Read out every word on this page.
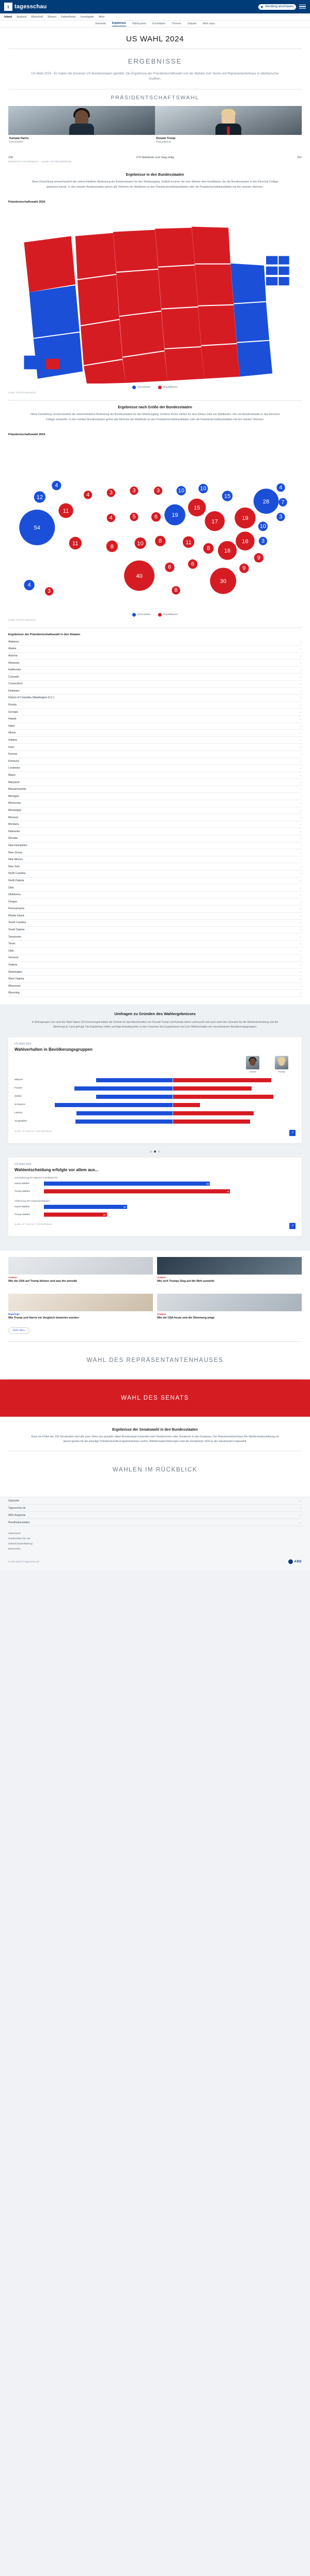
t tagesschau	▶ Sendung anschauen
Inland Ausland Wirtschaft Wissen Faktenfinder Investigativ Mehr
Startseite Ergebnisse Wahlsystem Kandidaten Themen Zeitplan Mehr dazu
US WAHL 2024
ERGEBNISSE
US-Wahl 2024 - Es haben die proximen US-Bundesstaaten gewählt. Die Ergebnisse der Präsidentschaftswahl und der Wahlen zum Senat und Repräsentantenhaus in tabellarischer Grafiken.
PRÄSIDENTSCHAFTSWAHL
Kamala Harris
Demokraten
Donald Trump
Republikaner
226	270 Wahlleute zum Sieg nötig	312
Mehrheit bei 270 Wahlleuten — Quelle: AP/ARD-Wahlstudio
Ergebnisse in den Bundesstaaten

Diese Darstellung veranschaulicht die unterschiedliche Bedeutung der Bundesstaaten für den Wahlausgang. Gefärbt ist jener der eine Stimme dem Kandidaten, der die Bundesstaaten in den Electoral College gewinnen konnte. In den meisten Bundesstaaten gehen alle Stimmen der Wahlleute an den Präsidentschaftskandidaten oder die Präsidentschaftskandidatin mit den meisten Stimmen.

Präsidentschaftswahl 2024
Demokraten	Republikaner
Quelle: AP/ARD-Wahlstudio
Ergebnisse nach Größe der Bundesstaaten

Diese Darstellung veranschaulicht die unterschiedliche Bedeutung der Bundesstaaten für den Wahlausgang. Größere Kreise stehen für eine höhere Zahl von Wahlleuten. Die von Bundesstaaten in das Electoral College entsandte. In den meisten Bundesstaaten gehen alle Stimmen der Wahlleute an den Präsidentschaftskandidaten oder die Präsidentschaftskandidatin mit den meisten Stimmen.

Präsidentschaftswahl 2024
54
40
30
28
19
19
17
16
16
15
11
11
8
10	8	11
8
6
6
6
5
4
4	3	3	3	10	10
15
12
4	4
7
3
10
3
9
9
8
4
3
Demokraten	Republikaner
Quelle: AP/ARD-Wahlstudio
Ergebnisse der Präsidentschaftswahl in den Staaten
Alabama	⌄
Alaska	⌄
Arizona	⌄
Arkansas	⌄
Kalifornien	⌄
Colorado	⌄
Connecticut	⌄
Delaware	⌄
District of Columbia (Washington D.C.)	⌄
Florida	⌄
Georgia	⌄
Hawaii	⌄
Idaho	⌄
Illinois	⌄
Indiana	⌄
Iowa	⌄
Kansas	⌄
Kentucky	⌄
Louisiana	⌄
Maine	⌄
Maryland	⌄
Massachusetts	⌄
Michigan	⌄
Minnesota	⌄
Mississippi	⌄
Missouri	⌄
Montana	⌄
Nebraska	⌄
Nevada	⌄
New Hampshire	⌄
New Jersey	⌄
New Mexico	⌄
New York	⌄
North Carolina	⌄
North Dakota	⌄
Ohio	⌄
Oklahoma	⌄
Oregon	⌄
Pennsylvania	⌄
Rhode Island	⌄
South Carolina	⌄
South Dakota	⌄
Tennessee	⌄
Texas	⌄
Utah	⌄
Vermont	⌄
Virginia	⌄
Washington	⌄
West Virginia	⌄
Wisconsin	⌄
Wyoming	⌄
Umfragen zu Gründen des Wahlergebnisses

In Befragungen von rund der Wahl haben US-Forschungsinstitute die Gründe für das Abschneiden von Donald Trump und Kamala Harris untersucht und auch nach den Gründen für die Wahlentscheidung und die Stimmung im Land gefragt. Die Ergebnisse helfen wichtige Anhaltspunkte zu den Ursachen des Ergebnisses und zum Wahlverhalten der verschiedenen Bevölkerungsgruppen.

US-Wahl 2024
Wahlverhalten in Bevölkerungsgruppen
Harris	Trump
Männer
42	55
Frauen
54	44
Weiße
42	56
Schwarze
83	15
Latinos
53	45
Jungwähler
54	43
Quelle: AP VoteCast / ARD-Wahlstudio
↗
US-Wahl 2024
Wahlentscheidung erfolgte vor allem aus...
Unterstützung für eigene/n Kandidaten/in
Harris-Wähler	66
Trump-Wähler	74
Ablehnung des Gegenkandidaten
Harris-Wähler	33
Trump-Wähler	25
Quelle: AP VoteCast / ARD-Wahlstudio
↗
Analyse
Wie die USA auf Trump blicken und was ihn antreibt
Analyse
Wie sich Trumps Sieg auf die Welt auswirkt
Reportage
Wie Trump und Harris ein Vergleich bewerten wurden
Analyse
Wie die USA heute und die Stimmung prägt
Mehr dazu
WAHL DES REPRÄSENTANTENHAUSES
WAHL DES SENATS
Ergebnisse der Senatswahl in den Bundesstaaten

Dass ein Drittel der 100 Senatssitze wird alle zwei Jahre neu gewählt; dabei Bundesstaat entsendet zwei Senatorinnen oder Senatoren in den Kongress. Der Repräsentantenhaus-Die Wahlkreisabschätzung ist darauf gewies für die jeweilige Präsidentschaft programmierbare vorher. Wahlkreisabschätzungen sind die Senatssitze 2024 in der Senatswahl vorgewählt.

WAHLEN IM RÜCKBLICK
Startseite	⌄
Tagesschau.de	⌄
ARD-Angebote	⌄
Rundfunkanstalten	⌄
Impressum
Sendezeiten für uns
Datenschutzerklärung
Barrierefrei
© ARD-aktuell / tagesschau.de	ARD
